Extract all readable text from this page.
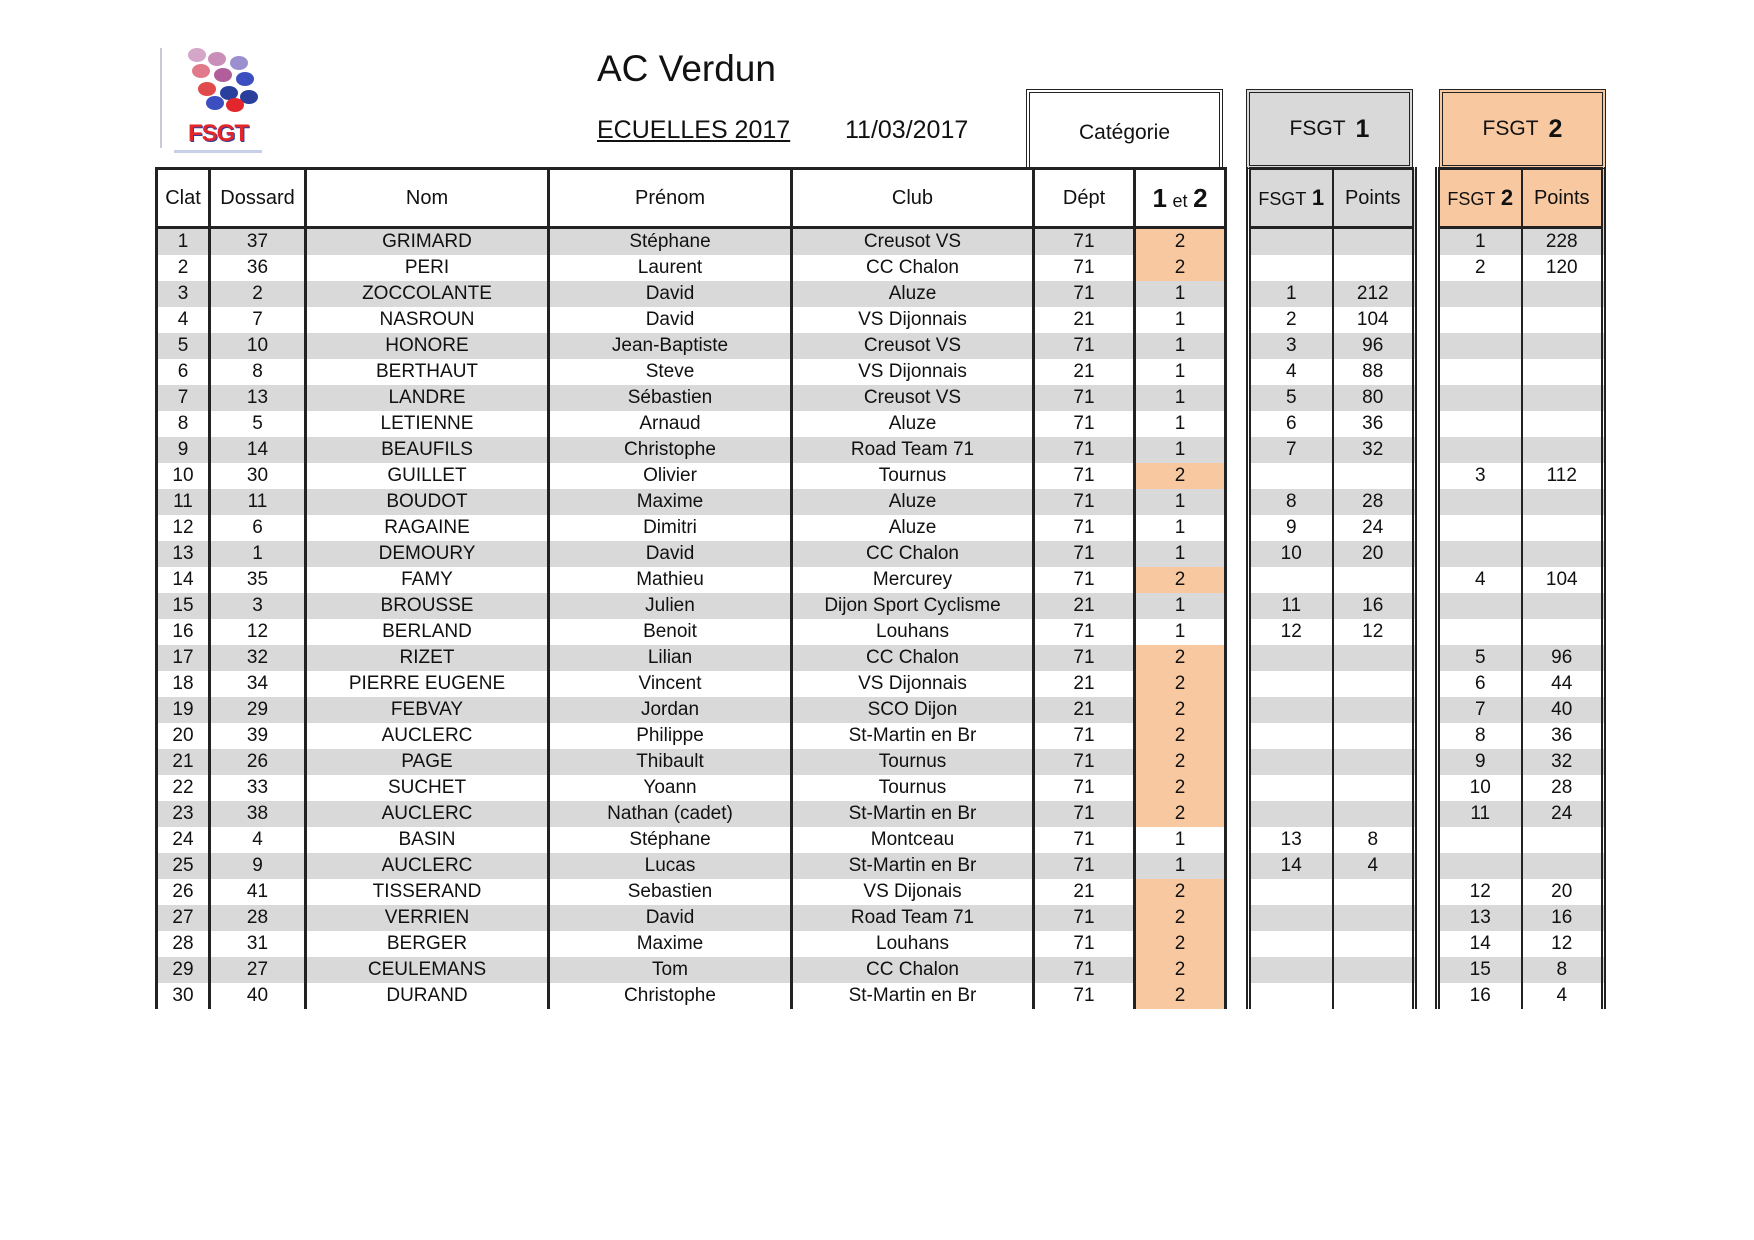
FSGT
AC Verdun
ECUELLES 2017 11/03/2017	Catégorie	FSGT 1	FSGT 2
Clat	Dossard	Nom	Prénom	Club	Dépt	1 et 2		FSGT 1	Points		FSGT 2	Points
1	37	GRIMARD	Stéphane	Creusot VS	71	2					1	228
2	36	PERI	Laurent	CC Chalon	71	2					2	120
3	2	ZOCCOLANTE	David	Aluze	71	1		1	212			
4	7	NASROUN	David	VS Dijonnais	21	1		2	104			
5	10	HONORE	Jean-Baptiste	Creusot VS	71	1		3	96			
6	8	BERTHAUT	Steve	VS Dijonnais	21	1		4	88			
7	13	LANDRE	Sébastien	Creusot VS	71	1		5	80			
8	5	LETIENNE	Arnaud	Aluze	71	1		6	36			
9	14	BEAUFILS	Christophe	Road Team 71	71	1		7	32			
10	30	GUILLET	Olivier	Tournus	71	2					3	112
11	11	BOUDOT	Maxime	Aluze	71	1		8	28			
12	6	RAGAINE	Dimitri	Aluze	71	1		9	24			
13	1	DEMOURY	David	CC Chalon	71	1		10	20			
14	35	FAMY	Mathieu	Mercurey	71	2					4	104
15	3	BROUSSE	Julien	Dijon Sport Cyclisme	21	1		11	16			
16	12	BERLAND	Benoit	Louhans	71	1		12	12			
17	32	RIZET	Lilian	CC Chalon	71	2					5	96
18	34	PIERRE EUGENE	Vincent	VS Dijonnais	21	2					6	44
19	29	FEBVAY	Jordan	SCO Dijon	21	2					7	40
20	39	AUCLERC	Philippe	St-Martin en Br	71	2					8	36
21	26	PAGE	Thibault	Tournus	71	2					9	32
22	33	SUCHET	Yoann	Tournus	71	2					10	28
23	38	AUCLERC	Nathan (cadet)	St-Martin en Br	71	2					11	24
24	4	BASIN	Stéphane	Montceau	71	1		13	8			
25	9	AUCLERC	Lucas	St-Martin en Br	71	1		14	4			
26	41	TISSERAND	Sebastien	VS Dijonais	21	2					12	20
27	28	VERRIEN	David	Road Team 71	71	2					13	16
28	31	BERGER	Maxime	Louhans	71	2					14	12
29	27	CEULEMANS	Tom	CC Chalon	71	2					15	8
30	40	DURAND	Christophe	St-Martin en Br	71	2					16	4
